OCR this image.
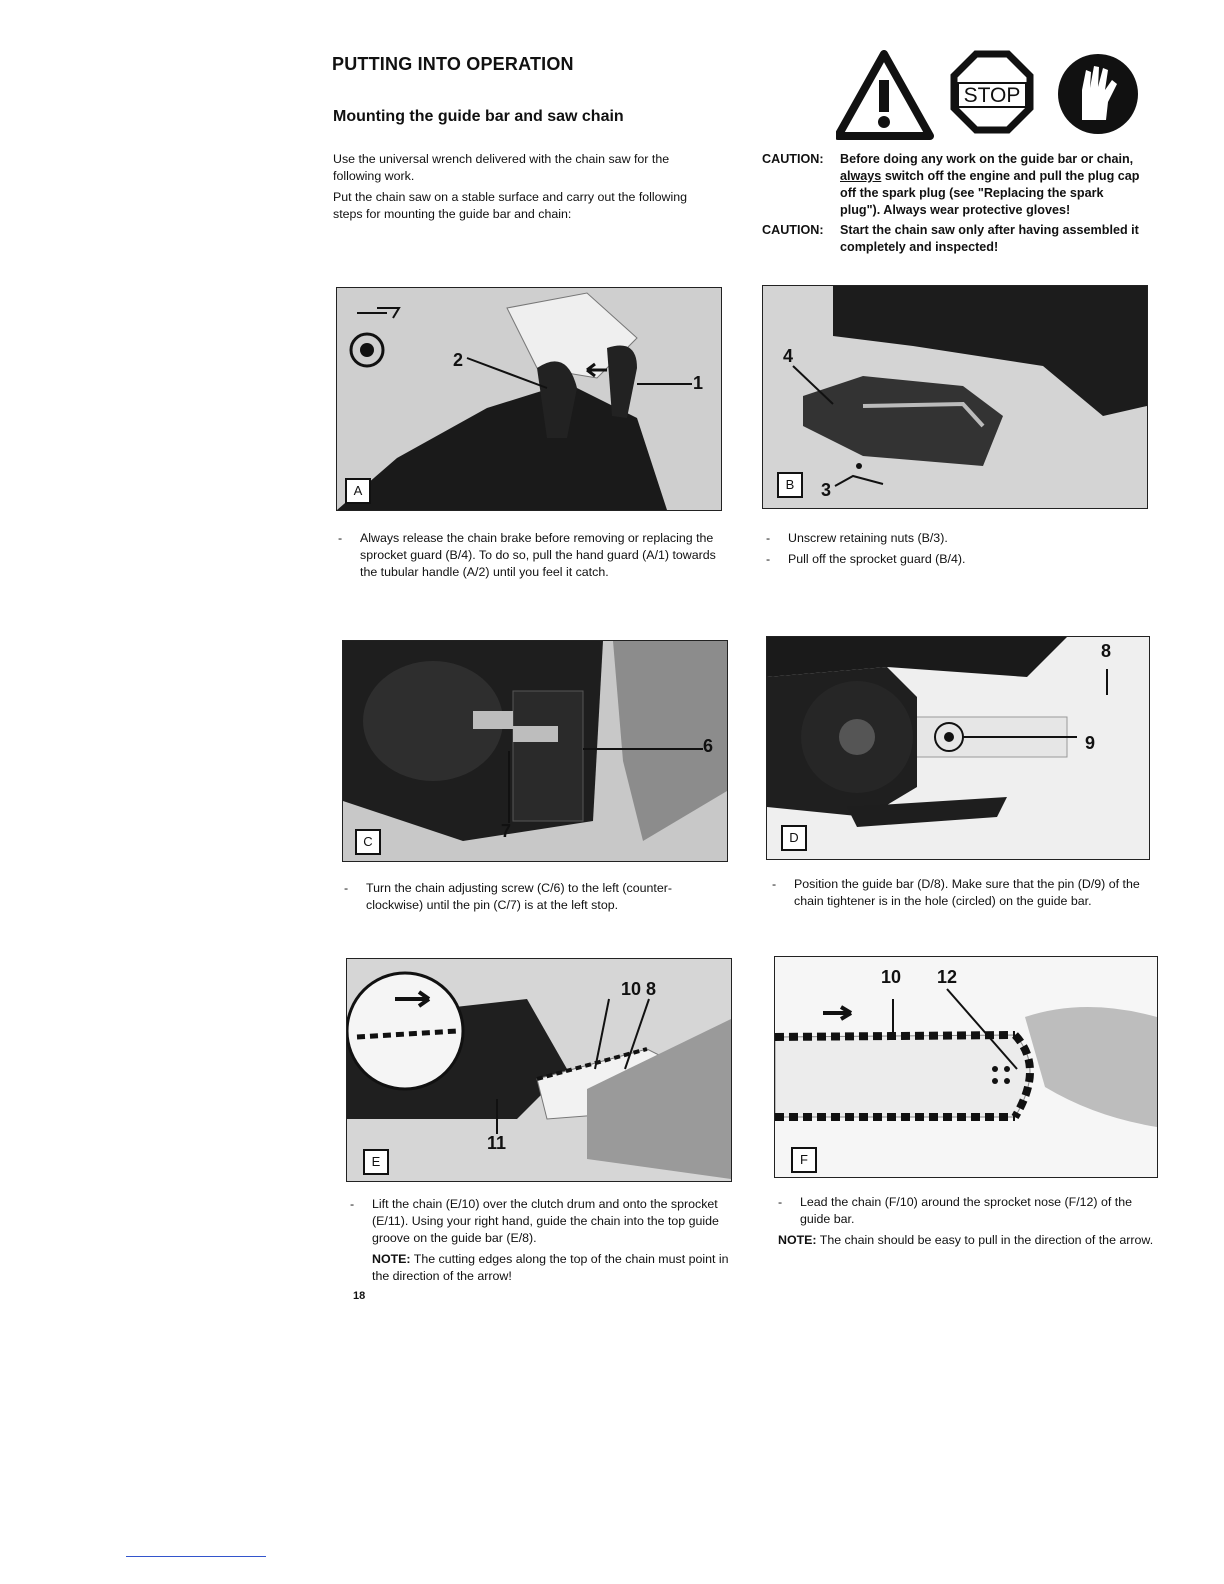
PUTTING INTO OPERATION
Mounting the guide bar and saw chain
STOP

Use the universal wrench delivered with the chain saw for the following work.

Put the chain saw on a stable surface and carry out the following steps for mounting the guide bar and chain:

CAUTION:	Before doing any work on the guide bar or chain, always switch off the engine and pull the plug cap off the spark plug (see "Replacing the spark plug"). Always wear protective gloves!
CAUTION:	Start the chain saw only after having assembled it completely and inspected!
2
1
A
4
3
B
-	Always release the chain brake before removing or replacing the sprocket guard (B/4). To do so, pull the hand guard (A/1) towards the tubular handle (A/2) until you feel it catch.
-	Unscrew retaining nuts (B/3).
-	Pull off the sprocket guard (B/4).
6
7
C
8
9
D
-	Turn the chain adjusting screw (C/6) to the left (counter-clockwise) until the pin (C/7) is at the left stop.
-	Position the guide bar (D/8). Make sure that the pin (D/9) of the chain tightener is in the hole (circled) on the guide bar.
10 8
11
E
10 12
F
-	Lift the chain (E/10) over the clutch drum and onto the sprocket (E/11). Using your right hand, guide the chain into the top guide groove on the guide bar (E/8).
NOTE: The cutting edges along the top of the chain must point in the direction of the arrow!
-	Lead the chain (F/10) around the sprocket nose (F/12) of the guide bar.
NOTE: The chain should be easy to pull in the direction of the arrow.
18
